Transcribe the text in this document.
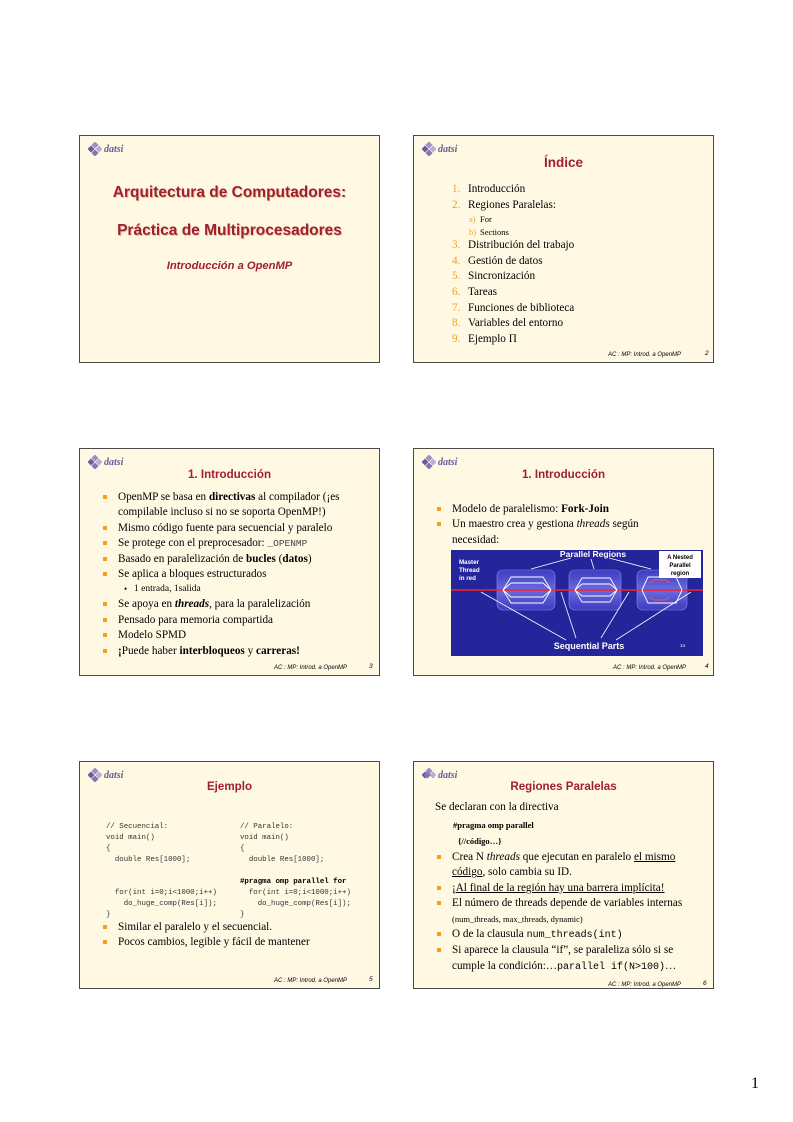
datsi
Arquitectura de Computadores:
Práctica de Multiprocesadores
Introducción a OpenMP
datsi
Índice
1. Introducción
2. Regiones Paralelas:
a) For
b) Sections
3. Distribución del trabajo
4. Gestión de datos
5. Sincronización
6. Tareas
7. Funciones de biblioteca
8. Variables del entorno
9. Ejemplo Π
AC : MP: Introd. a OpenMP	2
datsi
1. Introducción
OpenMP se basa en directivas al compilador (¡es
compilable incluso si no se soporta OpenMP!)
Mismo código fuente para secuencial y paralelo
Se protege con el preprocesador: _OPENMP
Basado en paralelización de bucles (datos)
Se aplica a bloques estructurados
• 1 entrada, 1salida
Se apoya en threads, para la paralelización
Pensado para memoria compartida
Modelo SPMD
¡Puede haber interbloqueos y carreras!
AC : MP: Introd. a OpenMP	3
datsi
1. Introducción
Modelo de paralelismo: Fork-Join
Un maestro crea y gestiona threads según
necesidad:
A Nested
Parallel
region
Parallel Regions
Master
Thread
in red
Sequential Parts	14
AC : MP: Introd. a OpenMP	4
datsi
Ejemplo
// Secuencial:
void main()
{
double Res[1000];

for(int i=0;i<1000;i++)
do_huge_comp(Res[i]);
}
// Paralelo:
void main()
{
double Res[1000];

#pragma omp parallel for
for(int i=0;i<1000;i++)
do_huge_comp(Res[i]);
}
Similar el paralelo y el secuencial.
Pocos cambios, legible y fácil de mantener
AC : MP: Introd. a OpenMP	5
datsi
Regiones Paralelas
Se declaran con la directiva
#pragma omp parallel
{//código…}
Crea N threads que ejecutan en paralelo el mismo
código, solo cambia su ID.
¡Al final de la región hay una barrera implícita!
El número de threads depende de variables internas
(num_threads, max_threads, dynamic)
O de la clausula num_threads(int)
Si aparece la clausula “if”, se paraleliza sólo si se
cumple la condición:…parallel if(N>100)…
AC : MP: Introd. a OpenMP	6
1
